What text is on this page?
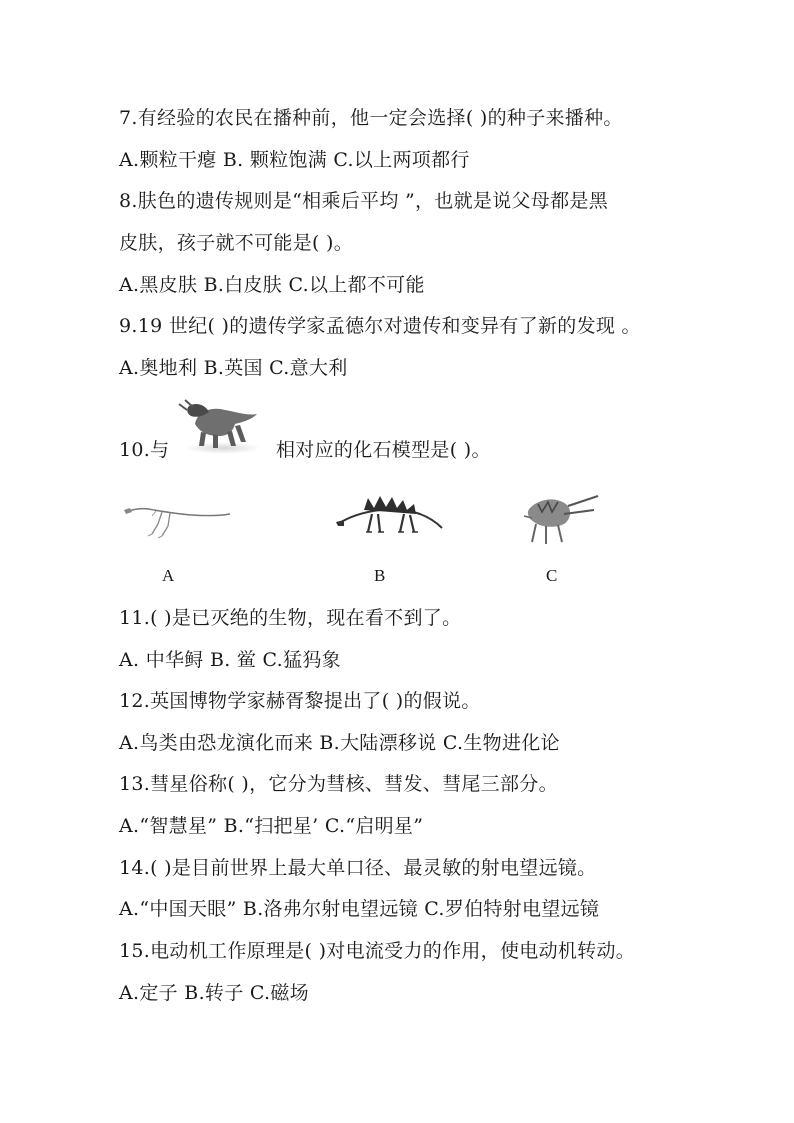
7.有经验的农民在播种前，他一定会选择( )的种子来播种。
A.颗粒干瘪 B. 颗粒饱满 C.以上两项都行
8.肤色的遗传规则是“相乘后平均 ”，也就是说父母都是黑
皮肤，孩子就不可能是( )。
A.黑皮肤 B.白皮肤 C.以上都不可能
9.19 世纪( )的遗传学家孟德尔对遗传和变异有了新的发现 。
A.奥地利 B.英国 C.意大利
10.与	相对应的化石模型是( )。
A	B	C
11.( )是已灭绝的生物，现在看不到了。
A. 中华鲟 B. 鲎 C.猛犸象
12.英国博物学家赫胥黎提出了( )的假说。
A.鸟类由恐龙演化而来 B.大陆漂移说 C.生物进化论
13.彗星俗称( )，它分为彗核、彗发、彗尾三部分。
A.“智慧星” B.“扫把星’ C.“启明星”
14.( )是目前世界上最大单口径、最灵敏的射电望远镜。
A.“中国天眼” B.洛弗尔射电望远镜 C.罗伯特射电望远镜
15.电动机工作原理是( )对电流受力的作用，使电动机转动。
A.定子 B.转子 C.磁场
